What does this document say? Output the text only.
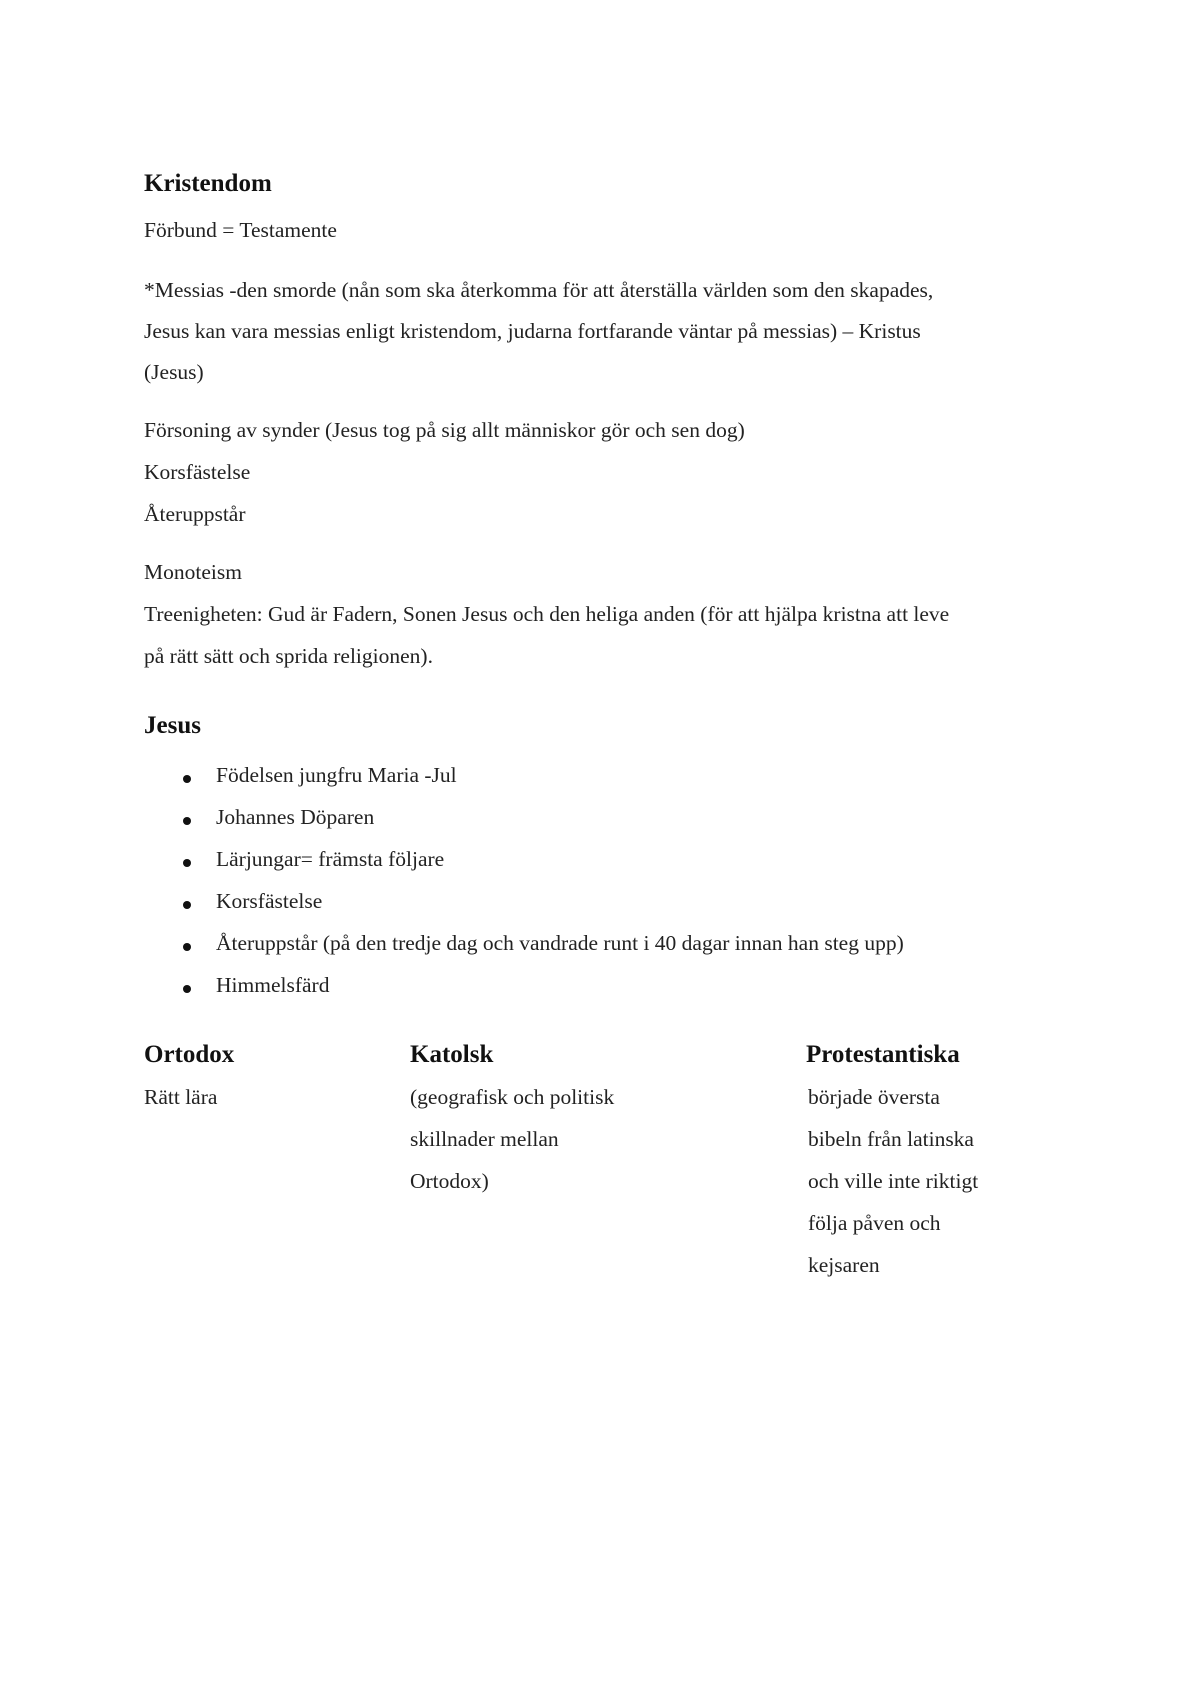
Kristendom
Förbund = Testamente
*Messias -den smorde (nån som ska återkomma för att återställa världen som den skapades,
Jesus kan vara messias enligt kristendom, judarna fortfarande väntar på messias) – Kristus
(Jesus)
Försoning av synder (Jesus tog på sig allt människor gör och sen dog)
Korsfästelse
Återuppstår
Monoteism
Treenigheten: Gud är Fadern, Sonen Jesus och den heliga anden (för att hjälpa kristna att leve
på rätt sätt och sprida religionen).
Jesus
Födelsen jungfru Maria -Jul
Johannes Döparen
Lärjungar= främsta följare
Korsfästelse
Återuppstår (på den tredje dag och vandrade runt i 40 dagar innan han steg upp)
Himmelsfärd
Ortodox
Rätt lära
Katolsk
(geografisk och politisk
skillnader mellan
Ortodox)
Protestantiska
började översta
bibeln från latinska
och ville inte riktigt
följa påven och
kejsaren
